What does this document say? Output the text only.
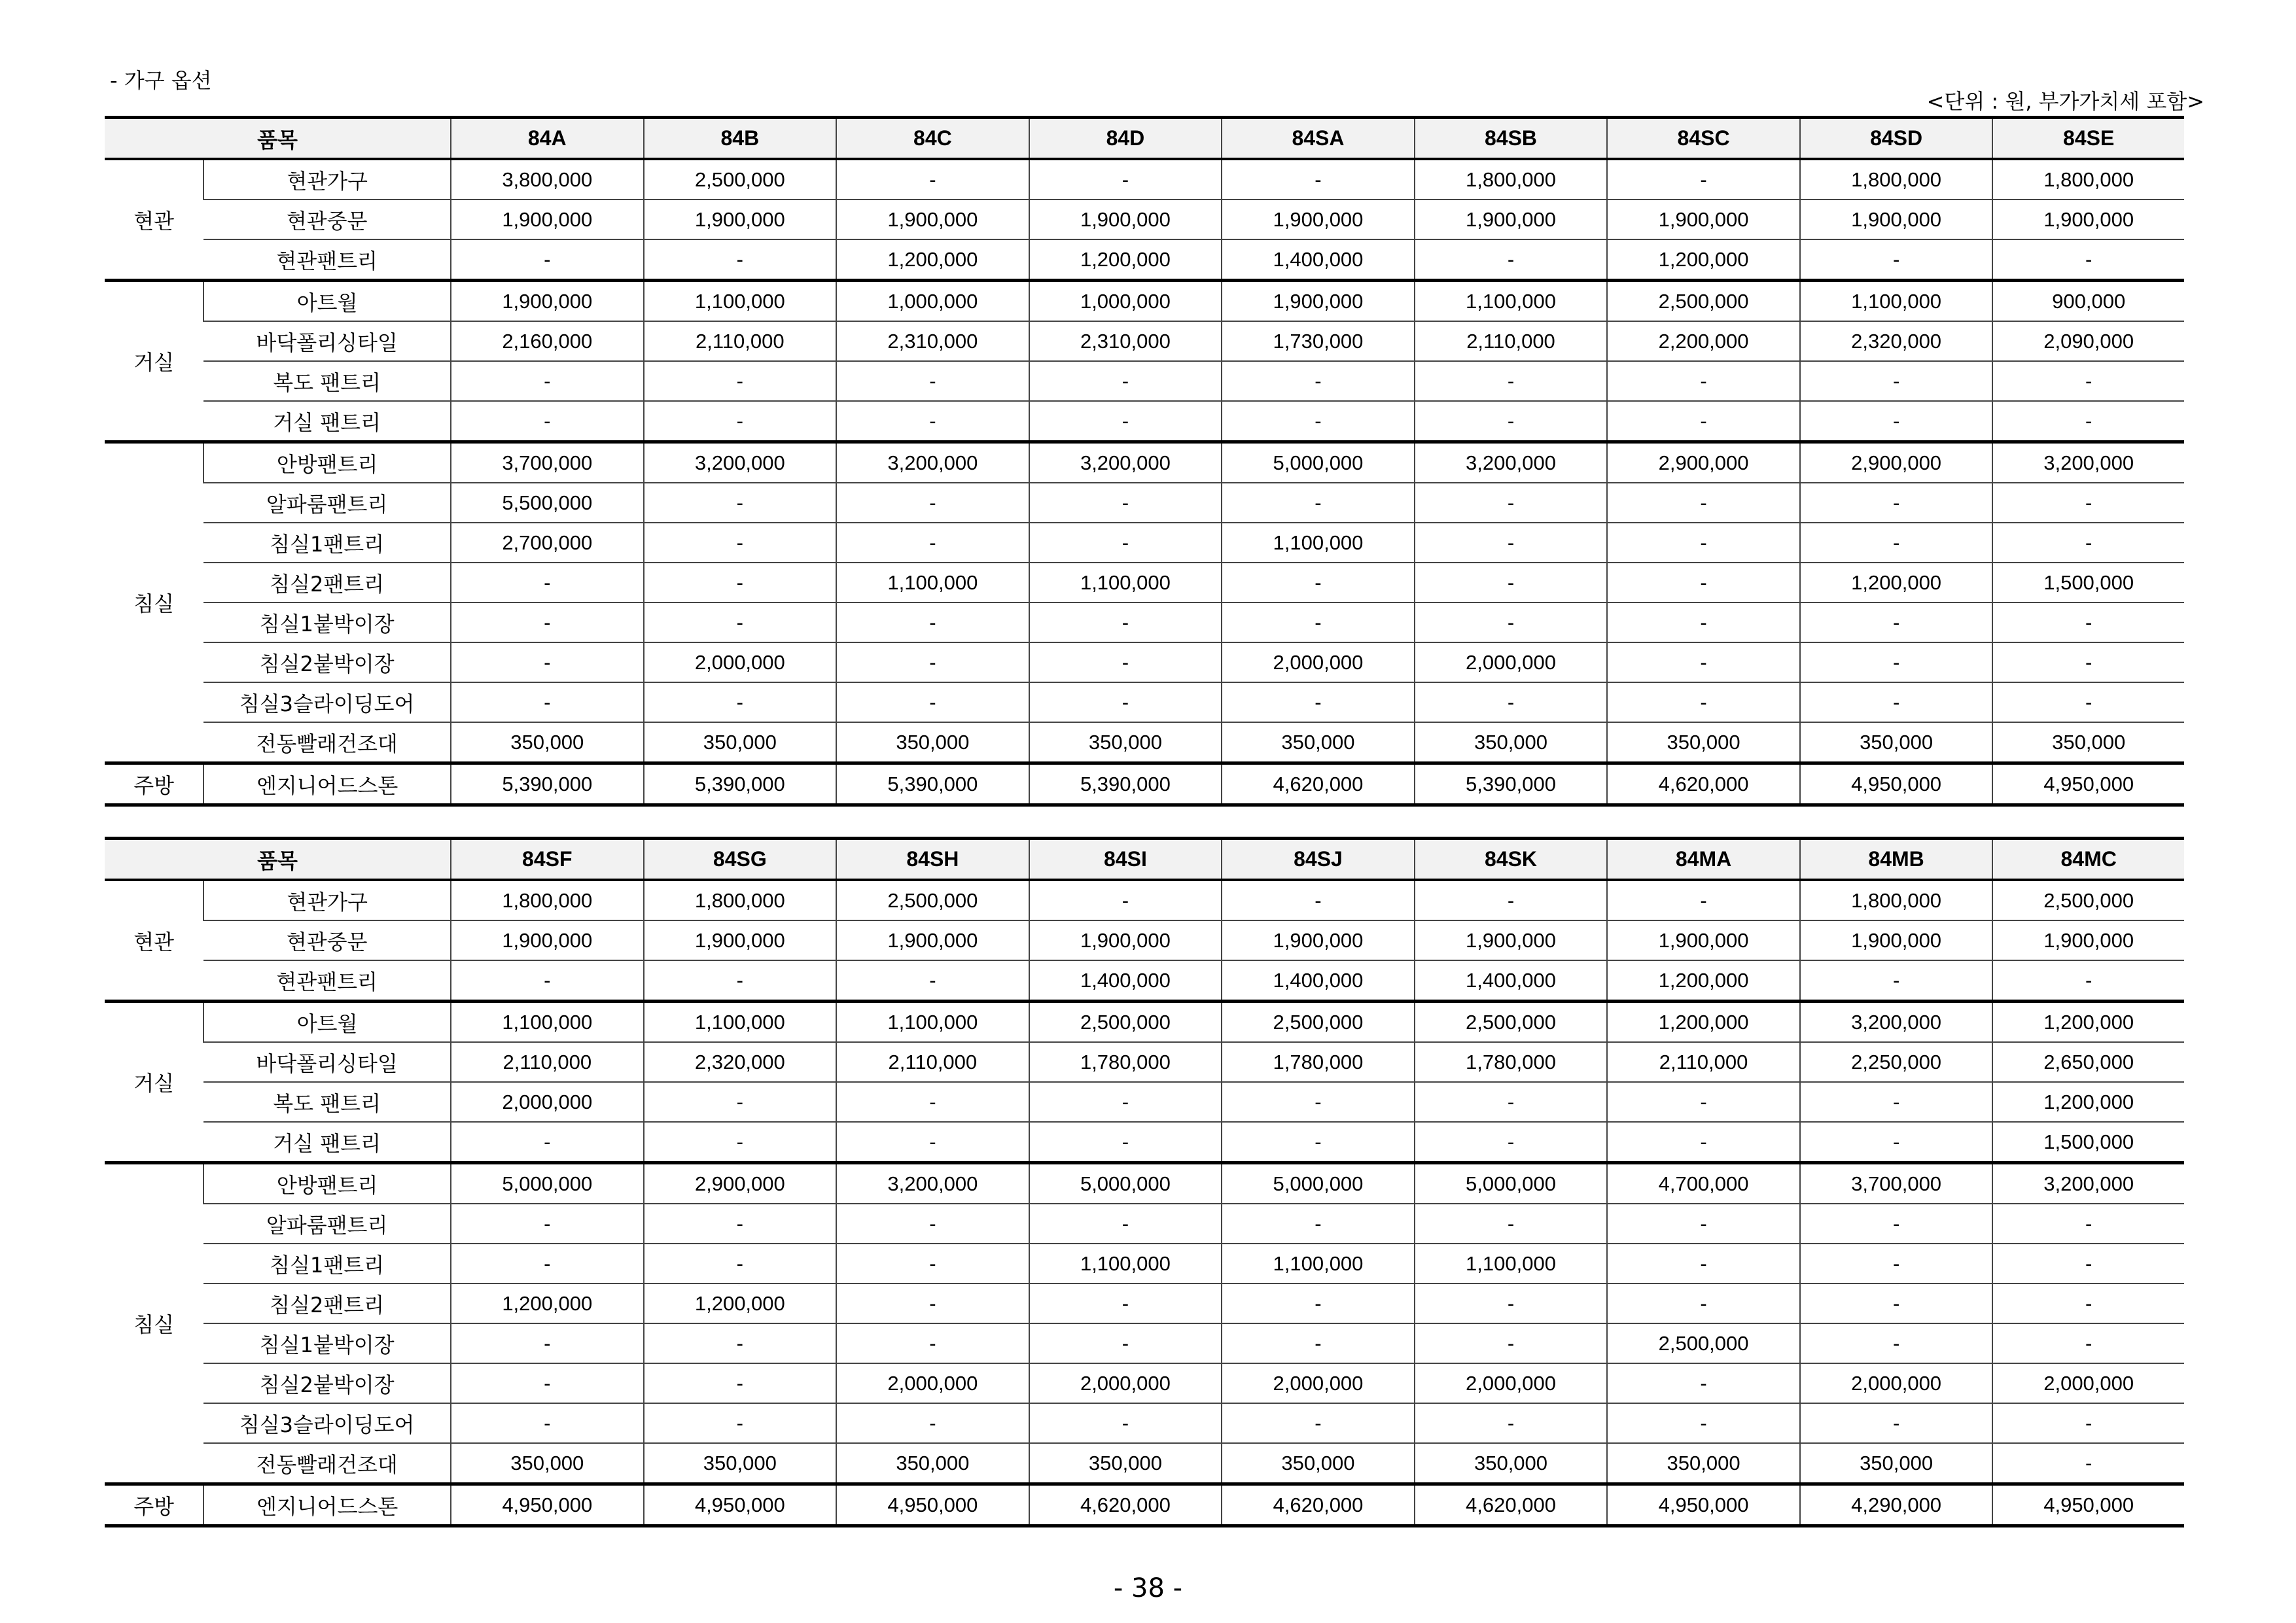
- 가구 옵션
<단위 : 원, 부가가치세 포함>
품목		84A	84B	84C	84D	84SA	84SB	84SC	84SD	84SE
현관	현관가구	3,800,000	2,500,000	-	-	-	1,800,000	-	1,800,000	1,800,000
	현관중문	1,900,000	1,900,000	1,900,000	1,900,000	1,900,000	1,900,000	1,900,000	1,900,000	1,900,000
	현관팬트리	-	-	1,200,000	1,200,000	1,400,000	-	1,200,000	-	-
거실	아트월	1,900,000	1,100,000	1,000,000	1,000,000	1,900,000	1,100,000	2,500,000	1,100,000	900,000
	바닥폴리싱타일	2,160,000	2,110,000	2,310,000	2,310,000	1,730,000	2,110,000	2,200,000	2,320,000	2,090,000
	복도 팬트리	-	-	-	-	-	-	-	-	-
	거실 팬트리	-	-	-	-	-	-	-	-	-
침실	안방팬트리	3,700,000	3,200,000	3,200,000	3,200,000	5,000,000	3,200,000	2,900,000	2,900,000	3,200,000
	알파룸팬트리	5,500,000	-	-	-	-	-	-	-	-
	침실1팬트리	2,700,000	-	-	-	1,100,000	-	-	-	-
	침실2팬트리	-	-	1,100,000	1,100,000	-	-	-	1,200,000	1,500,000
	침실1붙박이장	-	-	-	-	-	-	-	-	-
	침실2붙박이장	-	2,000,000	-	-	2,000,000	2,000,000	-	-	-
	침실3슬라이딩도어	-	-	-	-	-	-	-	-	-
	전동빨래건조대	350,000	350,000	350,000	350,000	350,000	350,000	350,000	350,000	350,000
주방	엔지니어드스톤	5,390,000	5,390,000	5,390,000	5,390,000	4,620,000	5,390,000	4,620,000	4,950,000	4,950,000
품목		84SF	84SG	84SH	84SI	84SJ	84SK	84MA	84MB	84MC
현관	현관가구	1,800,000	1,800,000	2,500,000	-	-	-	-	1,800,000	2,500,000
	현관중문	1,900,000	1,900,000	1,900,000	1,900,000	1,900,000	1,900,000	1,900,000	1,900,000	1,900,000
	현관팬트리	-	-	-	1,400,000	1,400,000	1,400,000	1,200,000	-	-
거실	아트월	1,100,000	1,100,000	1,100,000	2,500,000	2,500,000	2,500,000	1,200,000	3,200,000	1,200,000
	바닥폴리싱타일	2,110,000	2,320,000	2,110,000	1,780,000	1,780,000	1,780,000	2,110,000	2,250,000	2,650,000
	복도 팬트리	2,000,000	-	-	-	-	-	-	-	1,200,000
	거실 팬트리	-	-	-	-	-	-	-	-	1,500,000
침실	안방팬트리	5,000,000	2,900,000	3,200,000	5,000,000	5,000,000	5,000,000	4,700,000	3,700,000	3,200,000
	알파룸팬트리	-	-	-	-	-	-	-	-	-
	침실1팬트리	-	-	-	1,100,000	1,100,000	1,100,000	-	-	-
	침실2팬트리	1,200,000	1,200,000	-	-	-	-	-	-	-
	침실1붙박이장	-	-	-	-	-	-	2,500,000	-	-
	침실2붙박이장	-	-	2,000,000	2,000,000	2,000,000	2,000,000	-	2,000,000	2,000,000
	침실3슬라이딩도어	-	-	-	-	-	-	-	-	-
	전동빨래건조대	350,000	350,000	350,000	350,000	350,000	350,000	350,000	350,000	-
주방	엔지니어드스톤	4,950,000	4,950,000	4,950,000	4,620,000	4,620,000	4,620,000	4,950,000	4,290,000	4,950,000
- 38 -
